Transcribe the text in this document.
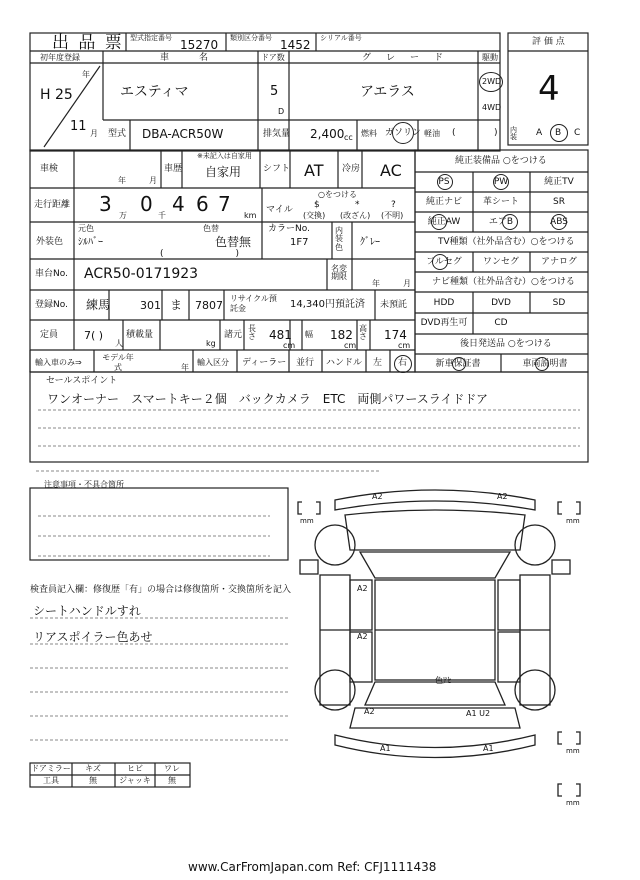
出 品 票 型式指定番号 15270 類別区分番号 1452 シリアル番号	評 価 点
4
初年度登録
H 25
年
11 月
車　　名
エスティマ
ドア数
5
D
グ　レ　ー　ド
アエラス
駆動
2WD
4WD
型式 DBA-ACR50W	排気量 2,400 cc 燃料 ガソリン 軽油 (	) 内装	A B C
車検
年	月
車歴
※未記入は自家用
自家用 シフト AT 冷房 AC
走行距離 3 0 4 6 7
万	千	km
○をつける
マイル $
(交換)
*
(改ざん)
?
(不明)
外装色
元色
ｼﾙﾊﾞｰ
色替
色替無
(　　　　　　　　)
カラーNo.
1F7
内装色	ｸﾞﾚｰ
車台No. ACR50-0171923	名変期限
年	月
登録No. 練馬	301 ま 7807
リサイクル預託金	14,340円預託済 未預託
定員 7( )
人
積載量
kg
諸元
長さ 481
cm
幅 182
cm
高さ 174
cm
輸入車のみ⇒
モデル年式	年
輸入区分 ディーラー 並行 ハンドル 左 右
純正装備品 ○をつける
PS	PW	純正TV
純正ナビ 革シート	SR
純正AW	エアB	ABS
TV種類（社外品含む）○をつける
フルセグ ワンセグ アナログ
ナビ種類（社外品含む）○をつける
HDD	DVD	SD
DVD再生可	CD
後日発送品 ○をつける
新車保証書	車両説明書
セールスポイント
ワンオーナー　スマートキー２個　バックカメラ　ETC　両側パワースライドドア
注意事項・不具合箇所
検査員記入欄：修復歴「有」の場合は修復箇所・交換箇所を記入
シートハンドルすれ
リアスポイラー色あせ
ドアミラー キズ	ヒビ	ワレ
工具	無	ジャッキ 無
A2	A2
A2
A2
A2	A1 U2
色ｱｾ
A1	A1
mm	mm
mm
mm
www.CarFromJapan.com Ref: CFJ1111438
